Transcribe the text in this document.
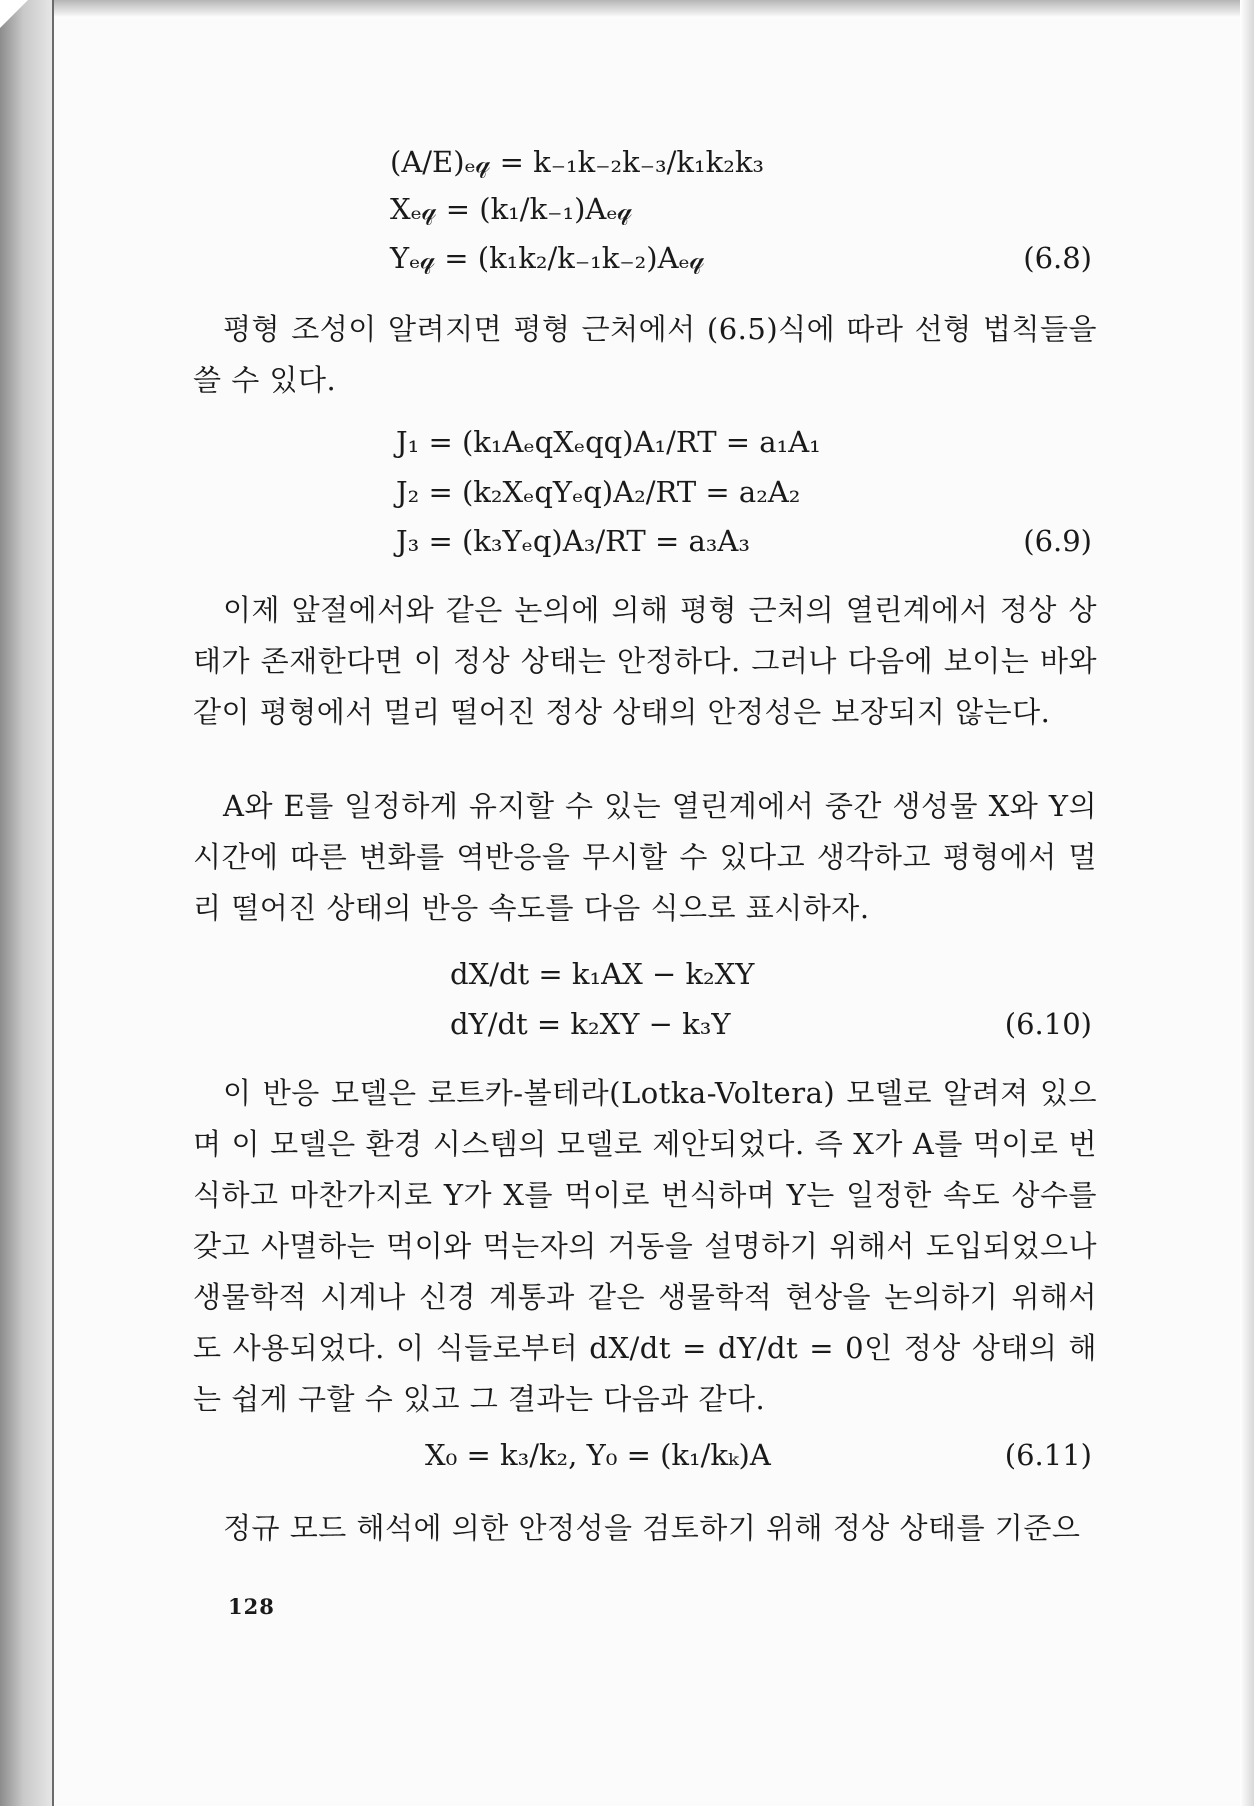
(A/E)ₑ𝓆 = k₋₁k₋₂k₋₃/k₁k₂k₃
Xₑ𝓆 = (k₁/k₋₁)Aₑ𝓆
Yₑ𝓆 = (k₁k₂/k₋₁k₋₂)Aₑ𝓆	(6.8)
평형 조성이 알려지면 평형 근처에서 (6.5)식에 따라 선형 법칙들을 쓸 수 있다.
J₁ = (k₁AₑqXₑqq)A₁/RT = a₁A₁
J₂ = (k₂XₑqYₑq)A₂/RT = a₂A₂
J₃ = (k₃Yₑq)A₃/RT = a₃A₃	(6.9)
이제 앞절에서와 같은 논의에 의해 평형 근처의 열린계에서 정상 상태가 존재한다면 이 정상 상태는 안정하다. 그러나 다음에 보이는 바와 같이 평형에서 멀리 떨어진 정상 상태의 안정성은 보장되지 않는다.
A와 E를 일정하게 유지할 수 있는 열린계에서 중간 생성물 X와 Y의 시간에 따른 변화를 역반응을 무시할 수 있다고 생각하고 평형에서 멀리 떨어진 상태의 반응 속도를 다음 식으로 표시하자.
dX/dt = k₁AX − k₂XY
dY/dt = k₂XY − k₃Y	(6.10)
이 반응 모델은 로트카-볼테라(Lotka-Voltera) 모델로 알려져 있으며 이 모델은 환경 시스템의 모델로 제안되었다. 즉 X가 A를 먹이로 번식하고 마찬가지로 Y가 X를 먹이로 번식하며 Y는 일정한 속도 상수를 갖고 사멸하는 먹이와 먹는자의 거동을 설명하기 위해서 도입되었으나 생물학적 시계나 신경 계통과 같은 생물학적 현상을 논의하기 위해서도 사용되었다. 이 식들로부터 dX/dt = dY/dt = 0인 정상 상태의 해는 쉽게 구할 수 있고 그 결과는 다음과 같다.
X₀ = k₃/k₂, Y₀ = (k₁/kₖ)A	(6.11)
정규 모드 해석에 의한 안정성을 검토하기 위해 정상 상태를 기준으
128
